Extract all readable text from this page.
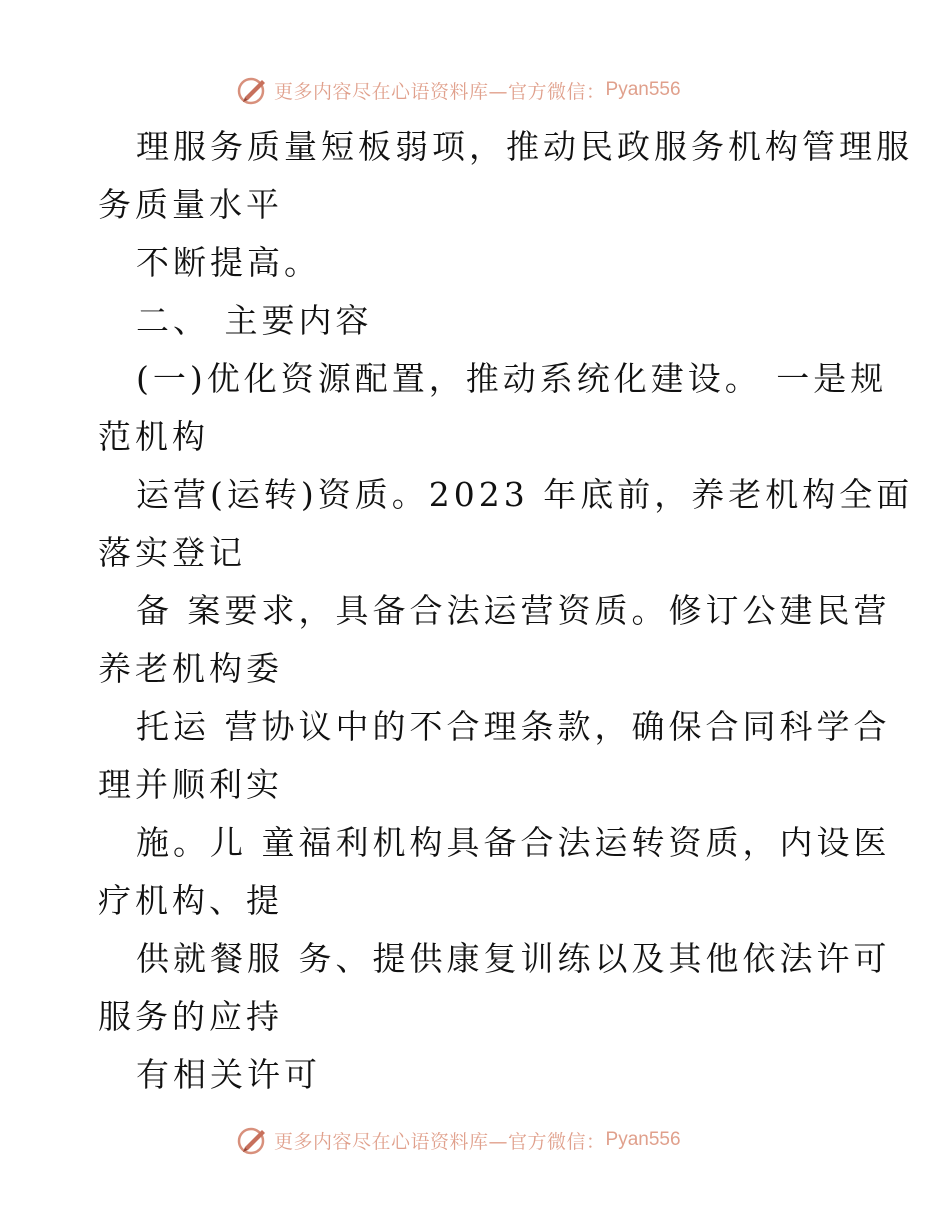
更多内容尽在心语资料库—官方微信： Pyan556
理服务质量短板弱项，推动民政服务机构管理服
务质量水平
不断提高。
二、 主要内容
(一)优化资源配置，推动系统化建设。 一是规
范机构
运营(运转)资质。2023 年底前，养老机构全面
落实登记
备 案要求，具备合法运营资质。修订公建民营
养老机构委
托运 营协议中的不合理条款，确保合同科学合
理并顺利实
施。儿 童福利机构具备合法运转资质，内设医
疗机构、提
供就餐服 务、提供康复训练以及其他依法许可
服务的应持
有相关许可
更多内容尽在心语资料库—官方微信： Pyan556
